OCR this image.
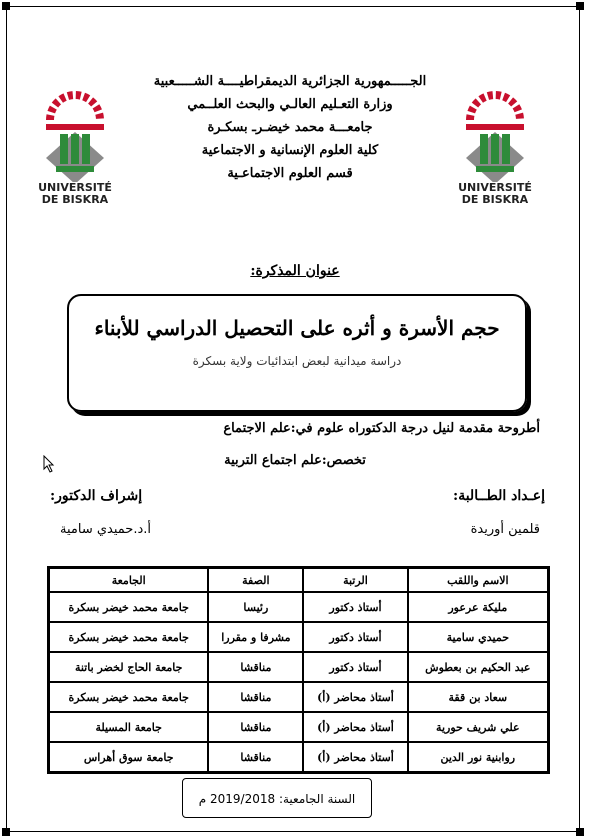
UNIVERSITÉ
DE BISKRA
UNIVERSITÉ
DE BISKRA
الجـــــمهورية الجزائرية الديمقراطيــــة الشـــــعبية
وزارة التعـليم العالـي والبحث العلــمي
جامعـــة محمد خيضـرـ بسكـرة
كلية العلوم الإنسانية و الاجتماعية
قسم العلوم الاجتماعـية
عنوان المذكرة:
حجم الأسرة و أثره على التحصيل الدراسي للأبناء
دراسة ميدانية لبعض ابتدائيات ولاية بسكرة
أطروحة مقدمة لنيل درجة الدكتوراه علوم في:علم الاجتماع
تخصص:علم اجتماع التربية
إعـداد الطــالبة:
إشراف الدكتور:
قلمين أوريدة
أ.د.حميدي سامية
الاسم واللقب	الرتبة	الصفة	الجامعة
مليكة عرعور	أستاذ دكتور	رئيسا	جامعة محمد خيضر بسكرة
حميدي سامية	أستاذ دكتور	مشرفا و مقررا	جامعة محمد خيضر بسكرة
عبد الحكيم بن بعطوش	أستاذ دكتور	مناقشا	جامعة الحاج لخضر باتنة
سعاد بن ققة	أستاذ محاضر (أ)	مناقشا	جامعة محمد خيضر بسكرة
علي شريف حورية	أستاذ محاضر (أ)	مناقشا	جامعة المسيلة
روابنية نور الدين	أستاذ محاضر (أ)	مناقشا	جامعة سوق أهراس
السنة الجامعية: 2019/2018 م
